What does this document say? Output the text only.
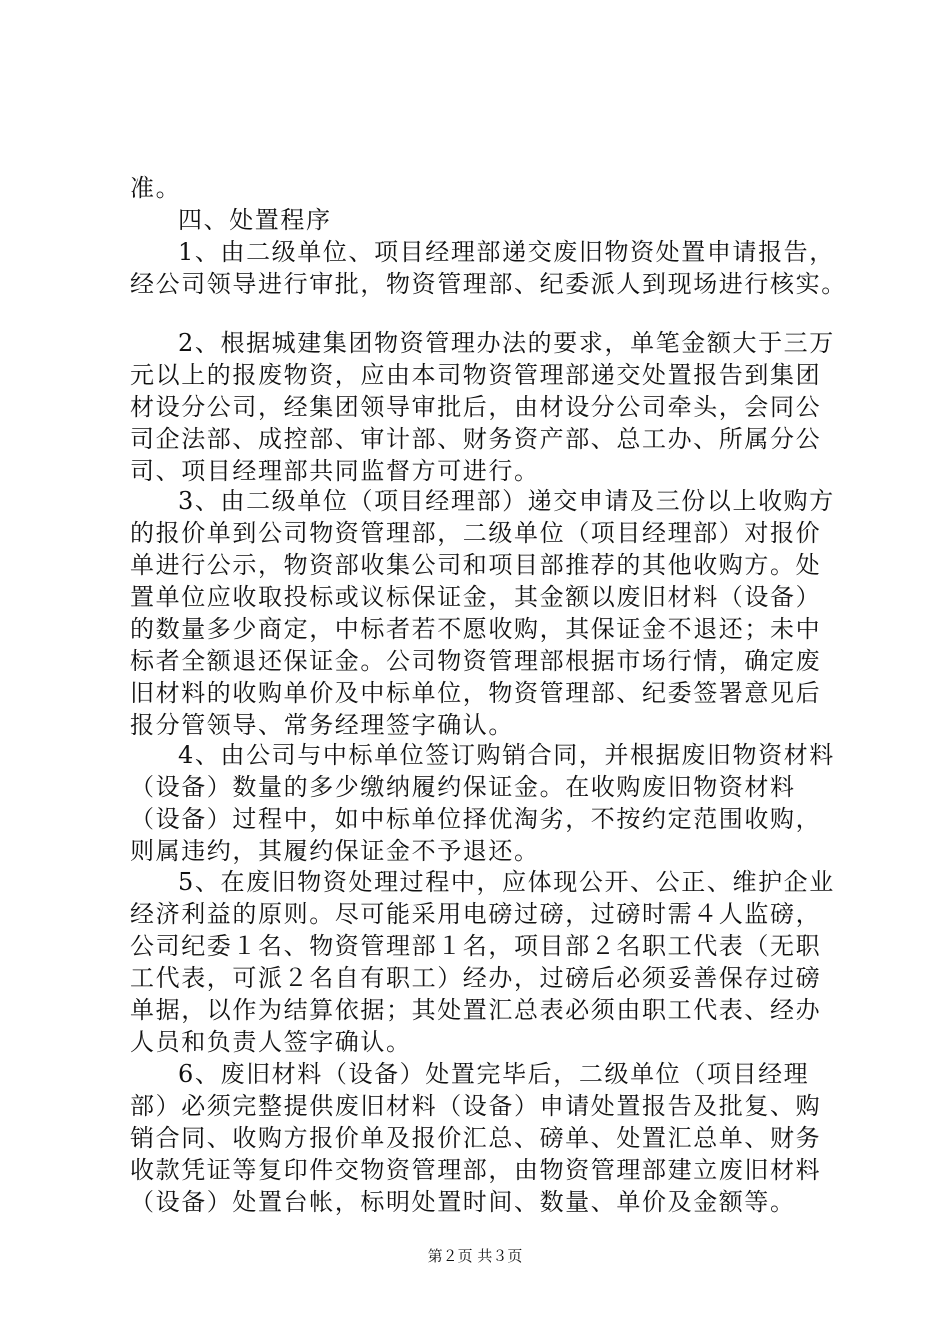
准。
四、处置程序
1、由二级单位、项目经理部递交废旧物资处置申请报告，
经公司领导进行审批，物资管理部、纪委派人到现场进行核实。
2、根据城建集团物资管理办法的要求，单笔金额大于三万
元以上的报废物资，应由本司物资管理部递交处置报告到集团
材设分公司，经集团领导审批后，由材设分公司牵头，会同公
司企法部、成控部、审计部、财务资产部、总工办、所属分公
司、项目经理部共同监督方可进行。
3、由二级单位（项目经理部）递交申请及三份以上收购方
的报价单到公司物资管理部，二级单位（项目经理部）对报价
单进行公示，物资部收集公司和项目部推荐的其他收购方。处
置单位应收取投标或议标保证金，其金额以废旧材料（设备）
的数量多少商定，中标者若不愿收购，其保证金不退还；未中
标者全额退还保证金。公司物资管理部根据市场行情，确定废
旧材料的收购单价及中标单位，物资管理部、纪委签署意见后
报分管领导、常务经理签字确认。
4、由公司与中标单位签订购销合同，并根据废旧物资材料
（设备）数量的多少缴纳履约保证金。在收购废旧物资材料
（设备）过程中，如中标单位择优淘劣，不按约定范围收购，
则属违约，其履约保证金不予退还。
5、在废旧物资处理过程中，应体现公开、公正、维护企业
经济利益的原则。尽可能采用电磅过磅，过磅时需４人监磅，
公司纪委１名、物资管理部１名，项目部２名职工代表（无职
工代表，可派２名自有职工）经办，过磅后必须妥善保存过磅
单据，以作为结算依据；其处置汇总表必须由职工代表、经办
人员和负责人签字确认。
6、废旧材料（设备）处置完毕后，二级单位（项目经理
部）必须完整提供废旧材料（设备）申请处置报告及批复、购
销合同、收购方报价单及报价汇总、磅单、处置汇总单、财务
收款凭证等复印件交物资管理部，由物资管理部建立废旧材料
（设备）处置台帐，标明处置时间、数量、单价及金额等。
第２页 共３页
